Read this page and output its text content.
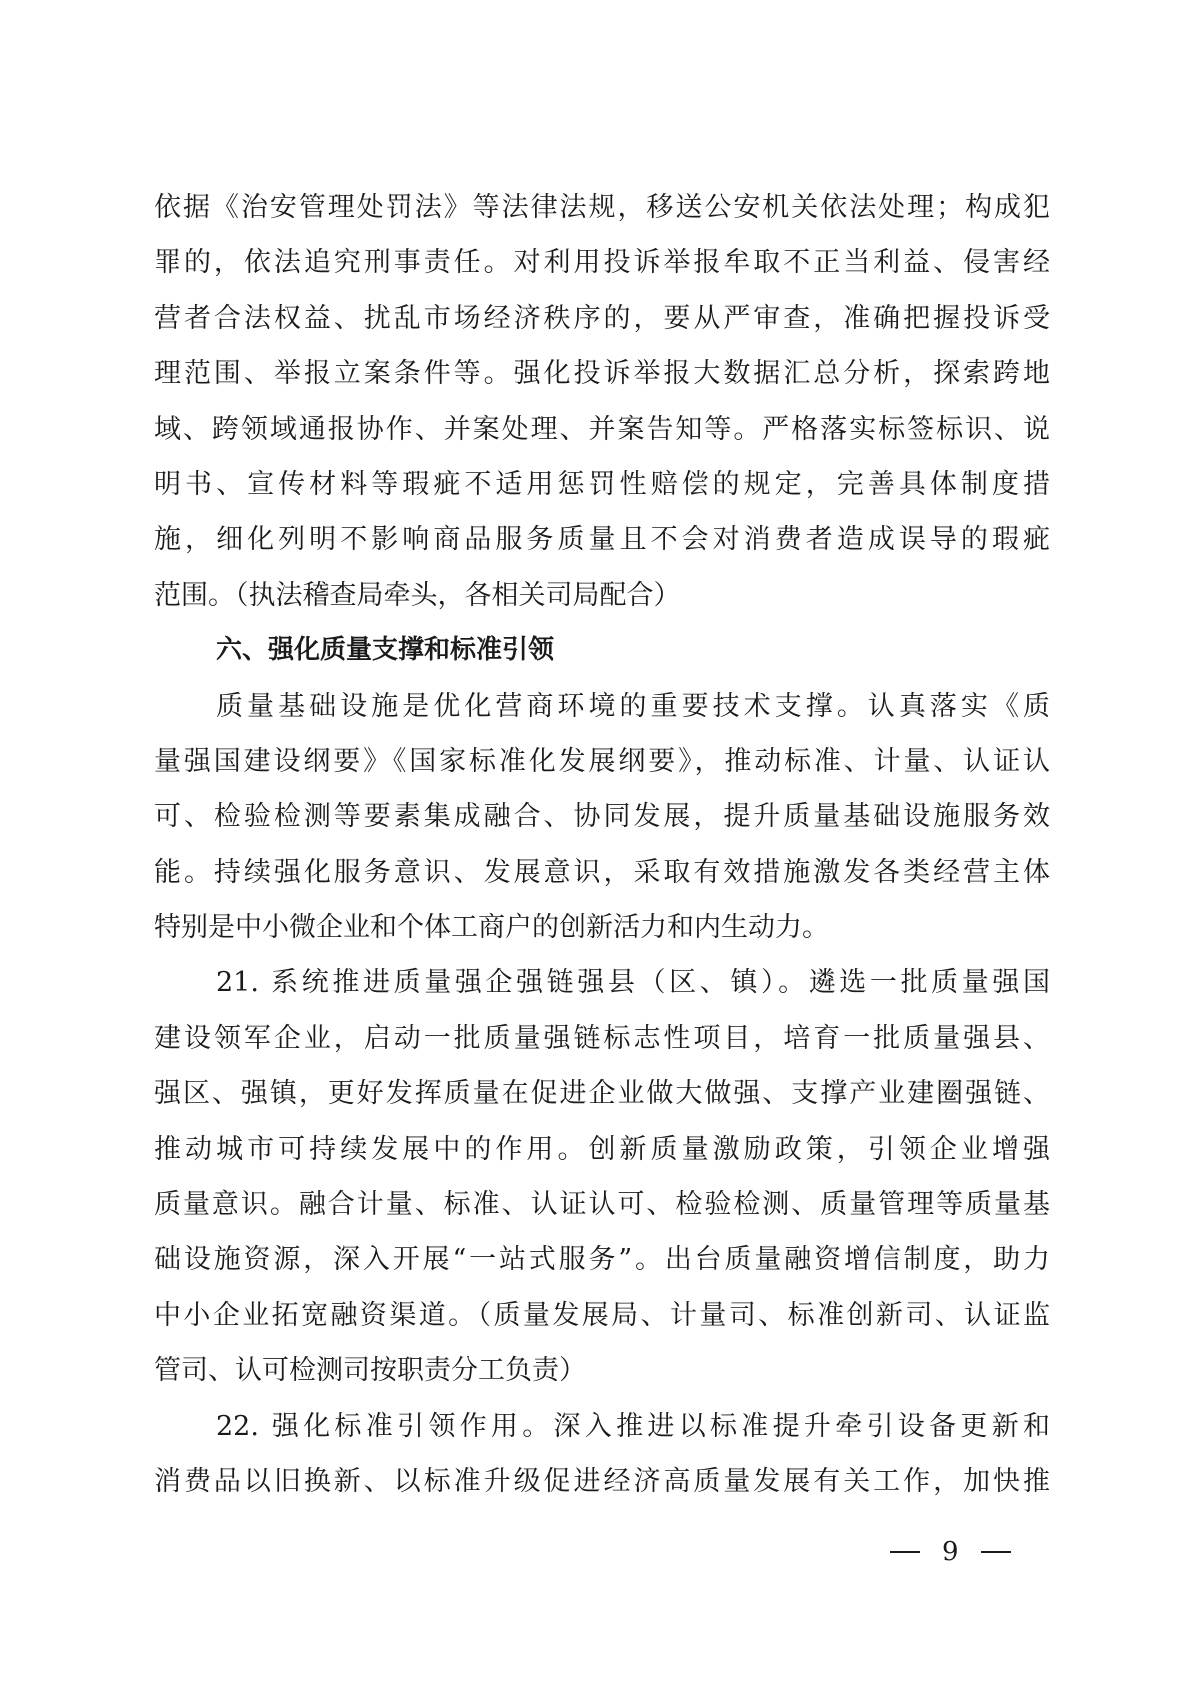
依据《治安管理处罚法》等法律法规，移送公安机关依法处理；构成犯
罪的，依法追究刑事责任。对利用投诉举报牟取不正当利益、侵害经
营者合法权益、扰乱市场经济秩序的，要从严审查，准确把握投诉受
理范围、举报立案条件等。强化投诉举报大数据汇总分析，探索跨地
域、跨领域通报协作、并案处理、并案告知等。严格落实标签标识、说
明书、宣传材料等瑕疵不适用惩罚性赔偿的规定，完善具体制度措
施，细化列明不影响商品服务质量且不会对消费者造成误导的瑕疵
范围。（执法稽查局牵头，各相关司局配合）
六、强化质量支撑和标准引领
质量基础设施是优化营商环境的重要技术支撑。认真落实《质
量强国建设纲要》《国家标准化发展纲要》，推动标准、计量、认证认
可、检验检测等要素集成融合、协同发展，提升质量基础设施服务效
能。持续强化服务意识、发展意识，采取有效措施激发各类经营主体
特别是中小微企业和个体工商户的创新活力和内生动力。
21. 系统推进质量强企强链强县（区、镇）。遴选一批质量强国
建设领军企业，启动一批质量强链标志性项目，培育一批质量强县、
强区、强镇，更好发挥质量在促进企业做大做强、支撑产业建圈强链、
推动城市可持续发展中的作用。创新质量激励政策，引领企业增强
质量意识。融合计量、标准、认证认可、检验检测、质量管理等质量基
础设施资源，深入开展“一站式服务”。出台质量融资增信制度，助力
中小企业拓宽融资渠道。（质量发展局、计量司、标准创新司、认证监
管司、认可检测司按职责分工负责）
22. 强化标准引领作用。深入推进以标准提升牵引设备更新和
消费品以旧换新、以标准升级促进经济高质量发展有关工作，加快推
9
